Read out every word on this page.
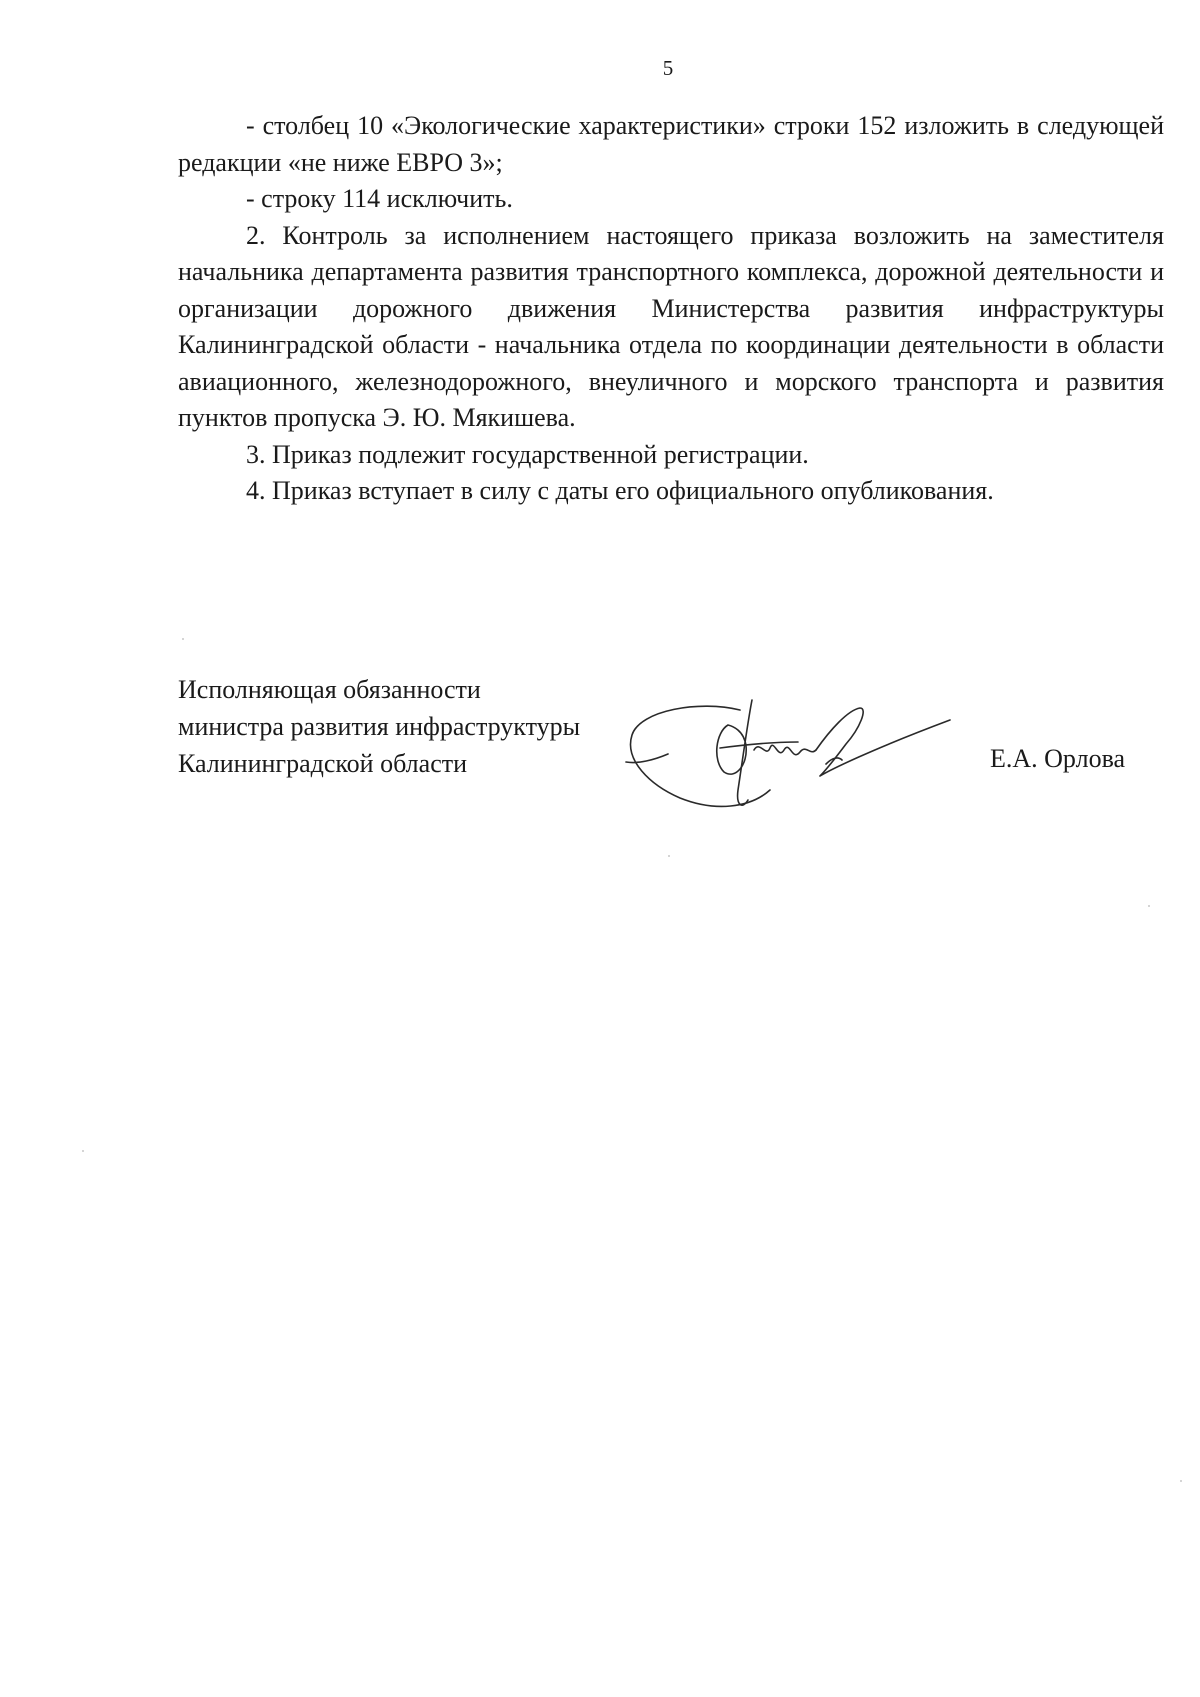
5

- столбец 10 «Экологические характеристики» строки 152 изложить в следующей редакции «не ниже ЕВРО 3»;

- строку 114 исключить.

2. Контроль за исполнением настоящего приказа возложить на заместителя начальника департамента развития транспортного комплекса, дорожной деятельности и организации дорожного движения Министерства развития инфраструктуры Калининградской области - начальника отдела по координации деятельности в области авиационного, железнодорожного, внеуличного и морского транспорта и развития пунктов пропуска Э. Ю. Мякишева.

3. Приказ подлежит государственной регистрации.

4. Приказ вступает в силу с даты его официального опубликования.

Исполняющая обязанности
министра развития инфраструктуры
Калининградской области	Е.А. Орлова
